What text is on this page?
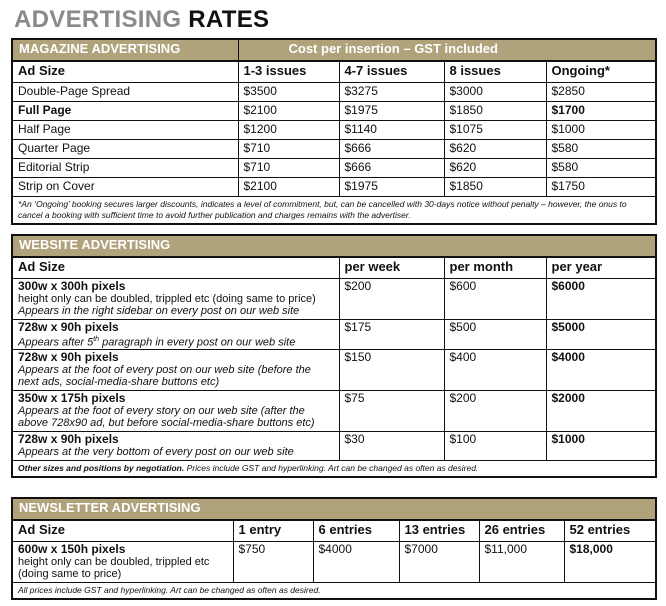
ADVERTISING RATES
MAGAZINE ADVERTISING	Cost per insertion – GST included			
Ad Size	1-3 issues	4-7 issues	8 issues	Ongoing*
Double-Page Spread	$3500	$3275	$3000	$2850
Full Page	$2100	$1975	$1850	$1700
Half Page	$1200	$1140	$1075	$1000
Quarter Page	$710	$666	$620	$580
Editorial Strip	$710	$666	$620	$580
Strip on Cover	$2100	$1975	$1850	$1750
*An ‘Ongoing’ booking secures larger discounts, indicates a level of commitment, but, can be cancelled with 30-days notice without penalty – however, the onus to cancel a booking with sufficient time to avoid further publication and charges remains with the advertiser.				
WEBSITE ADVERTISING			
Ad Size	per week	per month	per year

300w x 300h pixels
height only can be doubled, trippled etc (doing same to price)
Appears in the right sidebar on every post on our web site	$200	$600	$6000

728w x 90h pixels
Appears after 5th paragraph in every post on our web site	$175	$500	$5000

728w x 90h pixels
Appears at the foot of every post on our web site (before the next ads, social-media-share buttons etc)	$150	$400	$4000

350w x 175h pixels
Appears at the foot of every story on our web site (after the above 728x90 ad, but before social-media-share buttons etc)	$75	$200	$2000

728w x 90h pixels
Appears at the very bottom of every post on our web site	$30	$100	$1000
Other sizes and positions by negotiation. Prices include GST and hyperlinking. Art can be changed as often as desired.			
NEWSLETTER ADVERTISING					
Ad Size	1 entry	6 entries	13 entries	26 entries	52 entries

600w x 150h pixels
height only can be doubled, trippled etc (doing same to price)	$750	$4000	$7000	$11,000	$18,000
All prices include GST and hyperlinking. Art can be changed as often as desired.					
